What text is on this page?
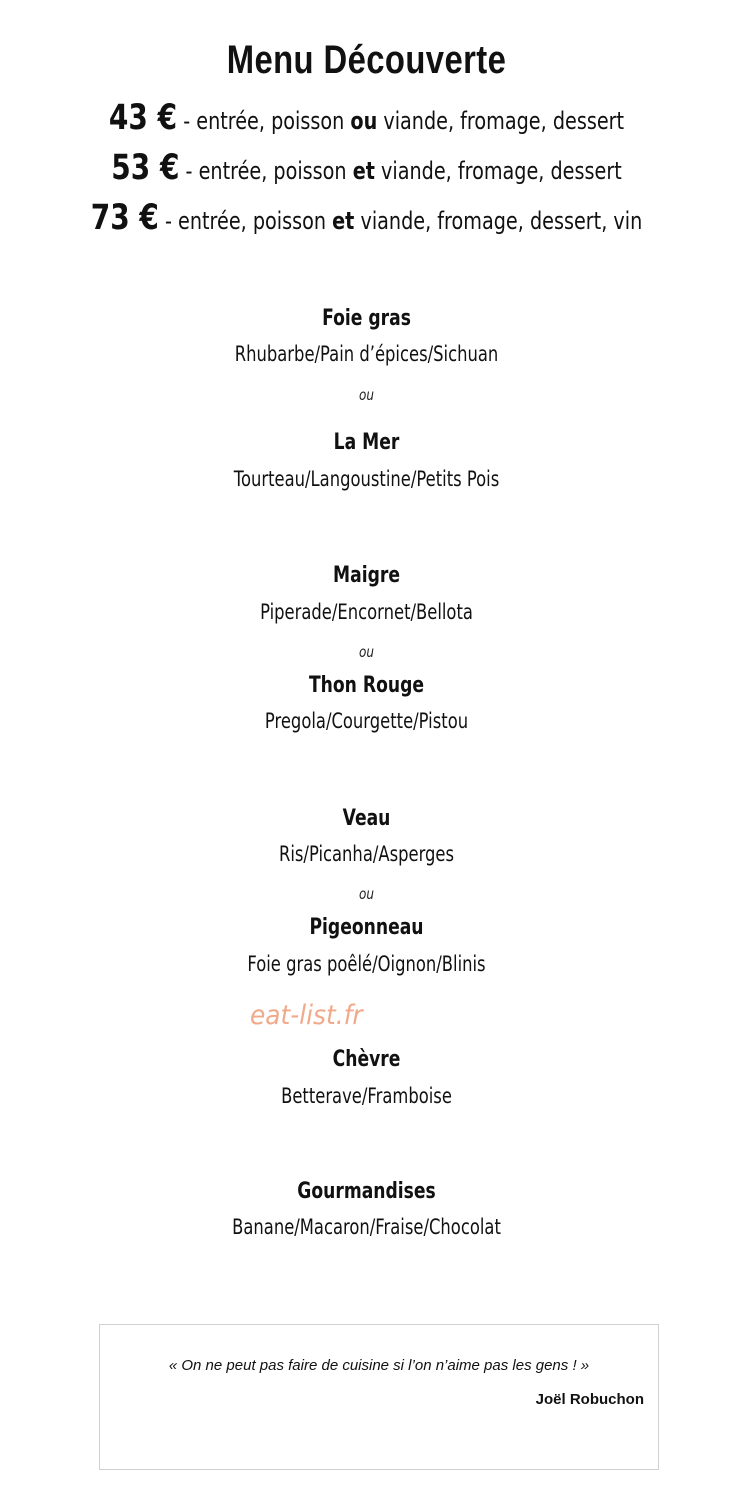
Menu Découverte
43 € - entrée, poisson ou viande, fromage, dessert
53 € - entrée, poisson et viande, fromage, dessert
73 € - entrée, poisson et viande, fromage, dessert, vin
Foie gras
Rhubarbe/Pain d’épices/Sichuan
ou
La Mer
Tourteau/Langoustine/Petits Pois
Maigre
Piperade/Encornet/Bellota
ou
Thon Rouge
Pregola/Courgette/Pistou
Veau
Ris/Picanha/Asperges
ou
Pigeonneau
Foie gras poêlé/Oignon/Blinis
eat-list.fr
Chèvre
Betterave/Framboise
Gourmandises
Banane/Macaron/Fraise/Chocolat
« On ne peut pas faire de cuisine si l’on n’aime pas les gens ! »
Joël Robuchon
